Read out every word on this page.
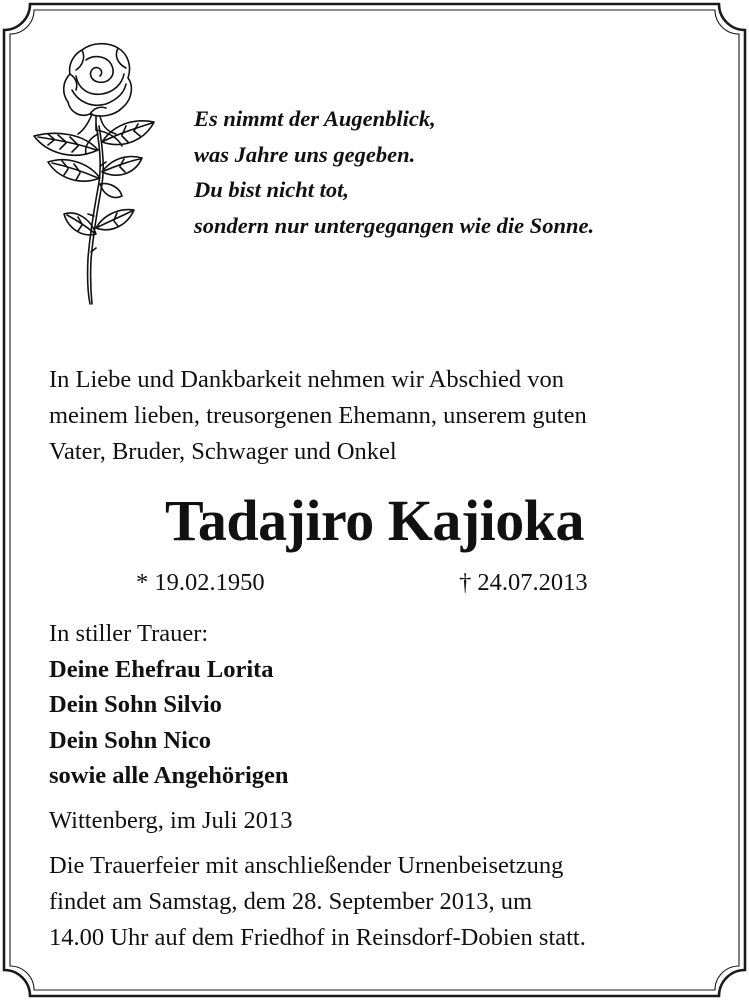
Es nimmt der Augenblick,
was Jahre uns gegeben.
Du bist nicht tot,
sondern nur untergegangen wie die Sonne.
In Liebe und Dankbarkeit nehmen wir Abschied von
meinem lieben, treusorgenen Ehemann, unserem guten
Vater, Bruder, Schwager und Onkel
Tadajiro Kajioka
* 19.02.1950	† 24.07.2013
In stiller Trauer:
Deine Ehefrau Lorita
Dein Sohn Silvio
Dein Sohn Nico
sowie alle Angehörigen
Wittenberg, im Juli 2013
Die Trauerfeier mit anschließender Urnenbeisetzung
findet am Samstag, dem 28. September 2013, um
14.00 Uhr auf dem Friedhof in Reinsdorf-Dobien statt.
